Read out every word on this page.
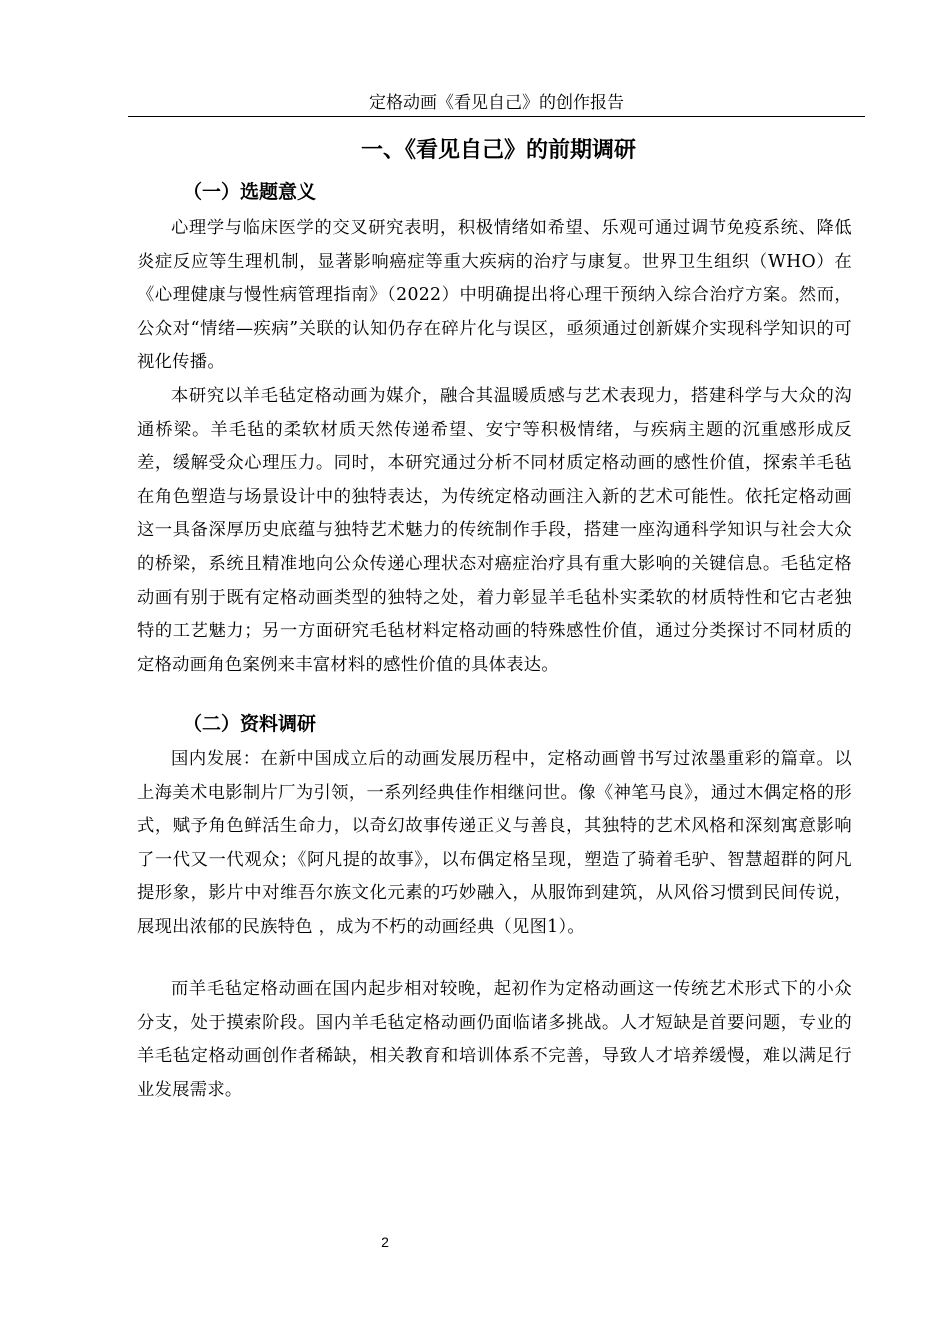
定格动画《看见自己》的创作报告
一、《看见自己》的前期调研
（一）选题意义

心理学与临床医学的交叉研究表明，积极情绪如希望、乐观可通过调节免疫系统、降低炎症反应等生理机制，显著影响癌症等重大疾病的治疗与康复。世界卫生组织（WHO）在《心理健康与慢性病管理指南》（2022）中明确提出将心理干预纳入综合治疗方案。然而，公众对“情绪—疾病”关联的认知仍存在碎片化与误区，亟须通过创新媒介实现科学知识的可视化传播。

本研究以羊毛毡定格动画为媒介，融合其温暖质感与艺术表现力，搭建科学与大众的沟通桥梁。羊毛毡的柔软材质天然传递希望、安宁等积极情绪，与疾病主题的沉重感形成反差，缓解受众心理压力。同时，本研究通过分析不同材质定格动画的感性价值，探索羊毛毡在角色塑造与场景设计中的独特表达，为传统定格动画注入新的艺术可能性。依托定格动画这一具备深厚历史底蕴与独特艺术魅力的传统制作手段，搭建一座沟通科学知识与社会大众的桥梁，系统且精准地向公众传递心理状态对癌症治疗具有重大影响的关键信息。毛毡定格动画有别于既有定格动画类型的独特之处，着力彰显羊毛毡朴实柔软的材质特性和它古老独特的工艺魅力；另一方面研究毛毡材料定格动画的特殊感性价值，通过分类探讨不同材质的定格动画角色案例来丰富材料的感性价值的具体表达。

（二）资料调研

国内发展：在新中国成立后的动画发展历程中，定格动画曾书写过浓墨重彩的篇章。以上海美术电影制片厂为引领，一系列经典佳作相继问世。像《神笔马良》，通过木偶定格的形式，赋予角色鲜活生命力，以奇幻故事传递正义与善良，其独特的艺术风格和深刻寓意影响了一代又一代观众；《阿凡提的故事》，以布偶定格呈现，塑造了骑着毛驴、智慧超群的阿凡提形象，影片中对维吾尔族文化元素的巧妙融入，从服饰到建筑，从风俗习惯到民间传说，展现出浓郁的民族特色 ，成为不朽的动画经典（见图1）。

而羊毛毡定格动画在国内起步相对较晚，起初作为定格动画这一传统艺术形式下的小众分支，处于摸索阶段。国内羊毛毡定格动画仍面临诸多挑战。人才短缺是首要问题，专业的羊毛毡定格动画创作者稀缺，相关教育和培训体系不完善，导致人才培养缓慢，难以满足行业发展需求。

2
